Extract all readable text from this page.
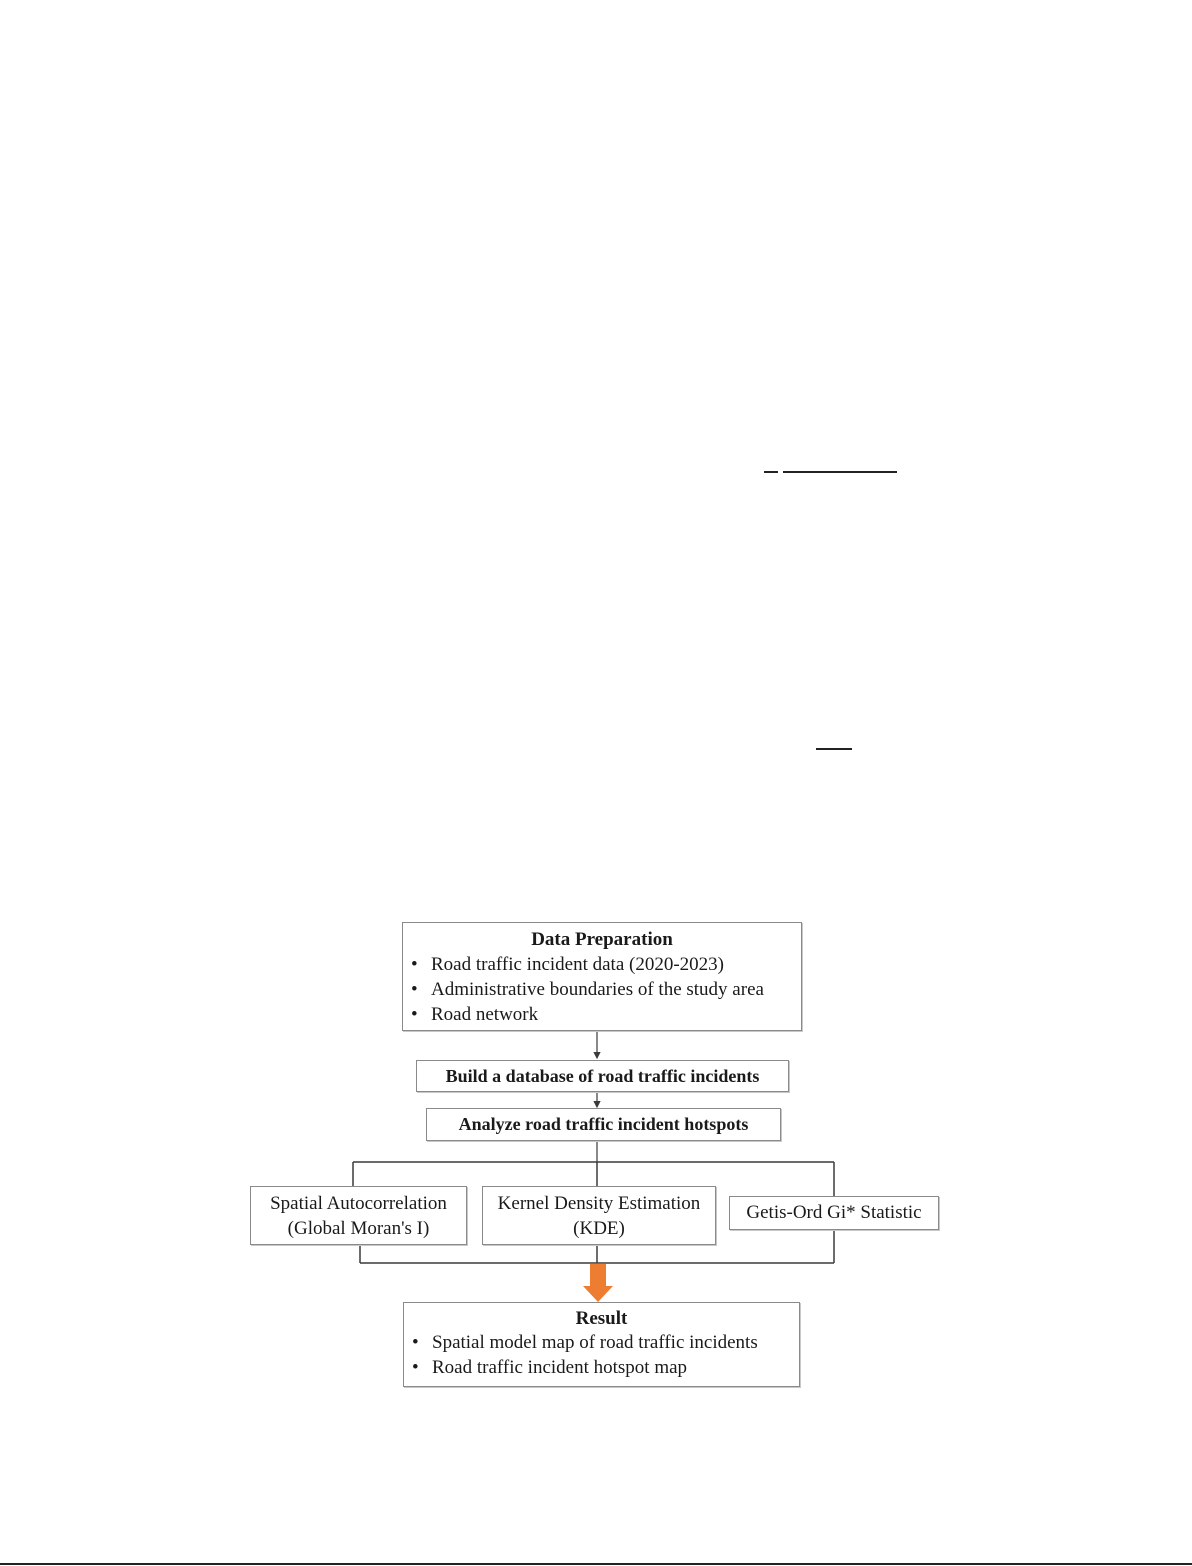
Data Preparation
• Road traffic incident data (2020-2023)
• Administrative boundaries of the study area
• Road network
Build a database of road traffic incidents
Analyze road traffic incident hotspots
Spatial Autocorrelation
(Global Moran's I)
Kernel Density Estimation
(KDE)
Getis-Ord Gi* Statistic
Result
• Spatial model map of road traffic incidents
• Road traffic incident hotspot map
